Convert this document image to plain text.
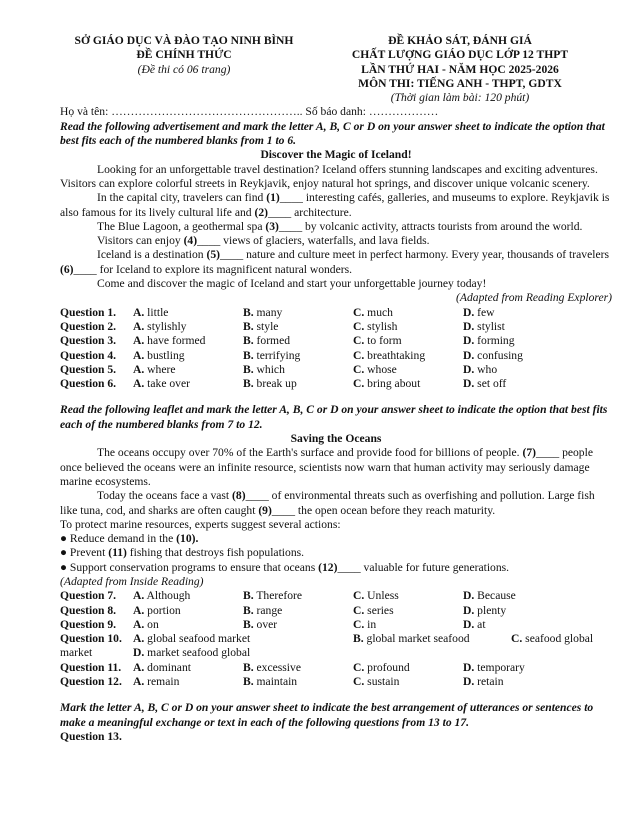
SỞ GIÁO DỤC VÀ ĐÀO TẠO NINH BÌNH
ĐỀ CHÍNH THỨC
(Đề thi có 06 trang)
ĐỀ KHẢO SÁT, ĐÁNH GIÁ
CHẤT LƯỢNG GIÁO DỤC LỚP 12 THPT
LẦN THỨ HAI - NĂM HỌC 2025-2026
MÔN THI: TIẾNG ANH - THPT, GDTX
(Thời gian làm bài: 120 phút)

Họ và tên: ………………………………………….. Số báo danh: ………………

Read the following advertisement and mark the letter A, B, C or D on your answer sheet to indicate the option that best fits each of the numbered blanks from 1 to 6.

Discover the Magic of Iceland!

Looking for an unforgettable travel destination? Iceland offers stunning landscapes and exciting adventures. Visitors can explore colorful streets in Reykjavik, enjoy natural hot springs, and discover unique volcanic scenery.

In the capital city, travelers can find (1)____ interesting cafés, galleries, and museums to explore. Reykjavik is also famous for its lively cultural life and (2)____ architecture.

The Blue Lagoon, a geothermal spa (3)____ by volcanic activity, attracts tourists from around the world.

Visitors can enjoy (4)____ views of glaciers, waterfalls, and lava fields.

Iceland is a destination (5)____ nature and culture meet in perfect harmony. Every year, thousands of travelers (6)____ for Iceland to explore its magnificent natural wonders.

Come and discover the magic of Iceland and start your unforgettable journey today!

(Adapted from Reading Explorer)

Question 1.	A. little	B. many	C. much	D. few
Question 2.	A. stylishly	B. style	C. stylish	D. stylist
Question 3.	A. have formed	B. formed	C. to form	D. forming
Question 4.	A. bustling	B. terrifying	C. breathtaking	D. confusing
Question 5.	A. where	B. which	C. whose	D. who
Question 6.	A. take over	B. break up	C. bring about	D. set off

Read the following leaflet and mark the letter A, B, C or D on your answer sheet to indicate the option that best fits each of the numbered blanks from 7 to 12.

Saving the Oceans

The oceans occupy over 70% of the Earth's surface and provide food for billions of people. (7)____ people once believed the oceans were an infinite resource, scientists now warn that human activity may seriously damage marine ecosystems.

Today the oceans face a vast (8)____ of environmental threats such as overfishing and pollution. Large fish like tuna, cod, and sharks are often caught (9)____ the open ocean before they reach maturity.

To protect marine resources, experts suggest several actions:

● Reduce demand in the (10).

● Prevent (11) fishing that destroys fish populations.

● Support conservation programs to ensure that oceans (12)____ valuable for future generations.

(Adapted from Inside Reading)

Question 7.	A. Although	B. Therefore	C. Unless	D. Because
Question 8.	A. portion	B. range	C. series	D. plenty
Question 9.	A. on	B. over	C. in	D. at
Question 10. A. global seafood market	B. global market seafood	C. seafood global
market	D. market seafood global
Question 11.	A. dominant	B. excessive	C. profound	D. temporary
Question 12. A. remain	B. maintain	C. sustain	D. retain

Mark the letter A, B, C or D on your answer sheet to indicate the best arrangement of utterances or sentences to make a meaningful exchange or text in each of the following questions from 13 to 17.

Question 13.
